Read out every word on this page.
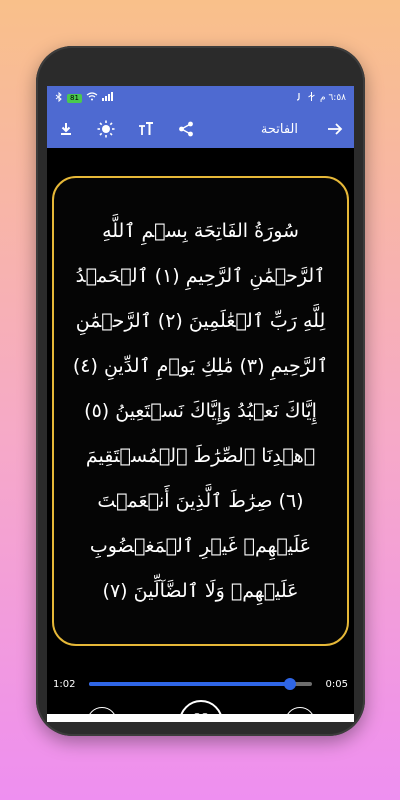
81	٦:٥٨ م
الفاتحة
سُورَةُ الفَاتِحَة بِسۡمِ ٱللَّهِ ٱلرَّحۡمَٰنِ ٱلرَّحِيمِ (١) ٱلۡحَمۡدُ لِلَّهِ رَبِّ ٱلۡعَٰلَمِينَ (٢) ٱلرَّحۡمَٰنِ ٱلرَّحِيمِ (٣) مَٰلِكِ يَوۡمِ ٱلدِّينِ (٤) إِيَّاكَ نَعۡبُدُ وَإِيَّاكَ نَسۡتَعِينُ (٥) ٱهۡدِنَا ٱلصِّرَٰطَ ٱلۡمُسۡتَقِيمَ (٦) صِرَٰطَ ٱلَّذِينَ أَنۡعَمۡتَ عَلَيۡهِمۡ غَيۡرِ ٱلۡمَغۡضُوبِ عَلَيۡهِمۡ وَلَا ٱلضَّآلِّينَ (٧)
1:02	0:05
